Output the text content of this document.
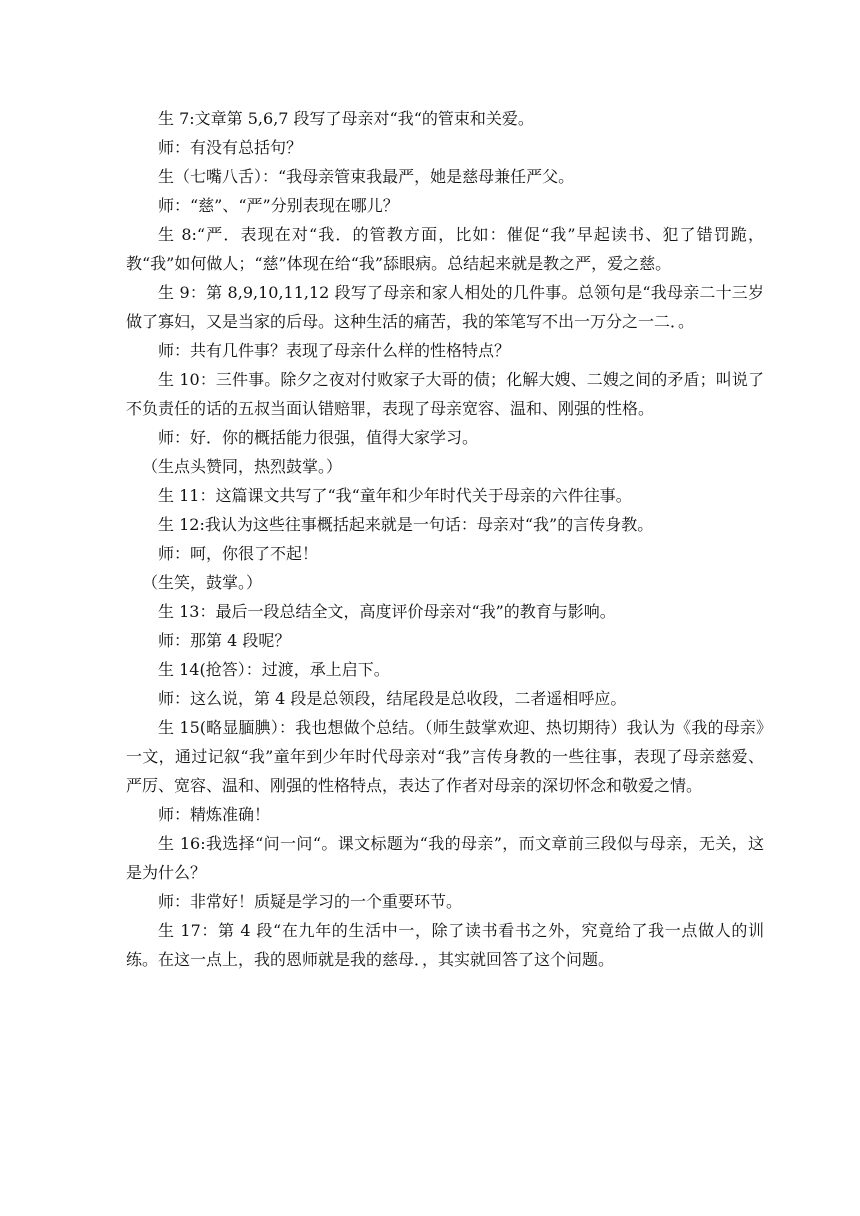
生 7:文章第 5,6,7 段写了母亲对“我“的管束和关爱。

师：有没有总括句？

生（七嘴八舌）：“我母亲管束我最严，她是慈母兼任严父。

师：“慈”、“严”分别表现在哪儿？

生 8:“严．表现在对“我．的管教方面，比如：催促“我”早起读书、犯了错罚跪，教“我”如何做人；“慈”体现在给“我”舔眼病。总结起来就是教之严，爱之慈。

生 9：第 8,9,10,11,12 段写了母亲和家人相处的几件事。总领句是“我母亲二十三岁做了寡妇，又是当家的后母。这种生活的痛苦，我的笨笔写不出一万分之一二．。

师：共有几件事？表现了母亲什么样的性格特点？

生 10：三件事。除夕之夜对付败家子大哥的债；化解大嫂、二嫂之间的矛盾；叫说了不负责任的话的五叔当面认错赔罪，表现了母亲宽容、温和、刚强的性格。

师：好．你的概括能力很强，值得大家学习。

（生点头赞同，热烈鼓掌。）

生 11：这篇课文共写了“我“童年和少年时代关于母亲的六件往事。

生 12:我认为这些往事概括起来就是一句话：母亲对“我”的言传身教。

师：呵，你很了不起！

（生笑，鼓掌。）

生 13：最后一段总结全文，高度评价母亲对“我”的教育与影响。

师：那第 4 段呢？

生 14(抢答）：过渡，承上启下。

师：这么说，第 4 段是总领段，结尾段是总收段，二者遥相呼应。

生 15(略显腼腆）：我也想做个总结。（师生鼓掌欢迎、热切期待）我认为《我的母亲》一文，通过记叙“我”童年到少年时代母亲对“我”言传身教的一些往事，表现了母亲慈爱、严厉、宽容、温和、刚强的性格特点，表达了作者对母亲的深切怀念和敬爱之情。

师：精炼准确！

生 16:我选择“问一问“。课文标题为“我的母亲”，而文章前三段似与母亲，无关，这是为什么？

师：非常好！质疑是学习的一个重要环节。

生 17：第 4 段“在九年的生活中一，除了读书看书之外，究竟给了我一点做人的训练。在这一点上，我的恩师就是我的慈母．，其实就回答了这个问题。
